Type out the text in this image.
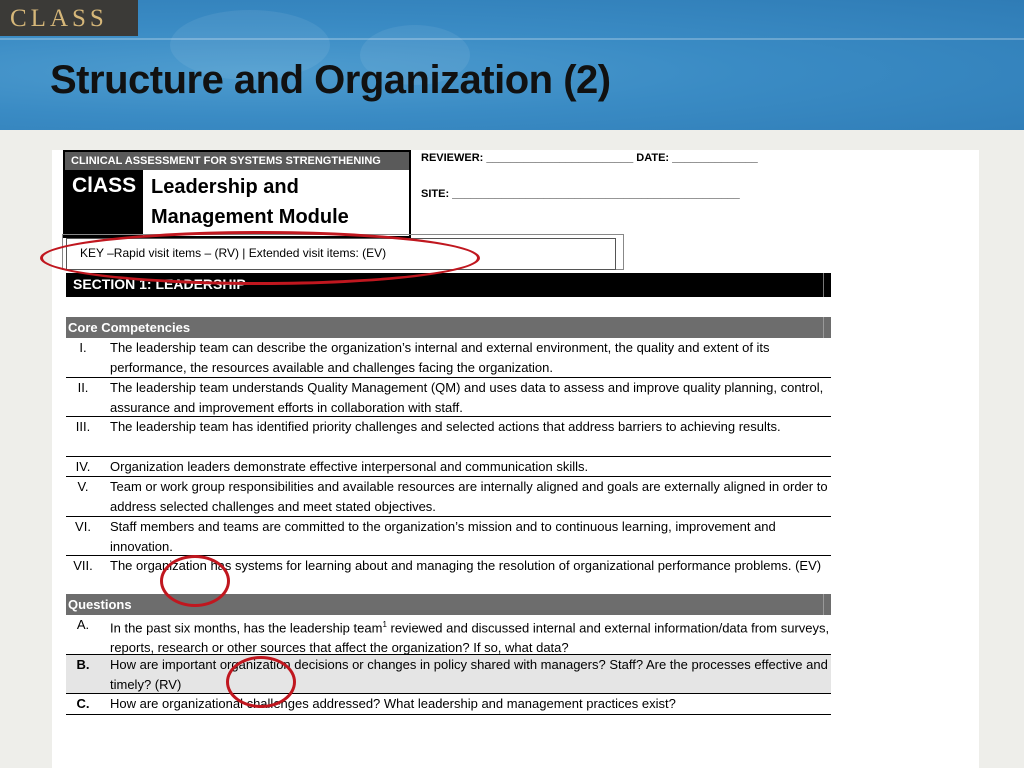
CLASS
Structure and Organization (2)
CLINICAL ASSESSMENT FOR SYSTEMS STRENGTHENING
ClASS Leadership and Management Module
REVIEWER: ________________________ DATE: ______________
SITE: _______________________________________________
KEY –Rapid visit items – (RV) | Extended visit items: (EV)
SECTION 1: LEADERSHIP
Core Competencies
I.	The leadership team can describe the organization’s internal and external environment, the quality and extent of its performance, the resources available and challenges facing the organization.
II.	The leadership team understands Quality Management (QM) and uses data to assess and improve quality planning, control, assurance and improvement efforts in collaboration with staff.
III.	The leadership team has identified priority challenges and selected actions that address barriers to achieving results.
IV.	Organization leaders demonstrate effective interpersonal and communication skills.
V.	Team or work group responsibilities and available resources are internally aligned and goals are externally aligned in order to address selected challenges and meet stated objectives.
VI.	Staff members and teams are committed to the organization’s mission and to continuous learning, improvement and innovation.
VII.	The organization has systems for learning about and managing the resolution of organizational performance problems. (EV)
Questions
A.	In the past six months, has the leadership team$^1$ reviewed and discussed internal and external information/data from surveys, reports, research or other sources that affect the organization? If so, what data?
B.	How are important organization decisions or changes in policy shared with managers? Staff? Are the processes effective and timely? (RV)
C.	How are organizational challenges addressed? What leadership and management practices exist?
